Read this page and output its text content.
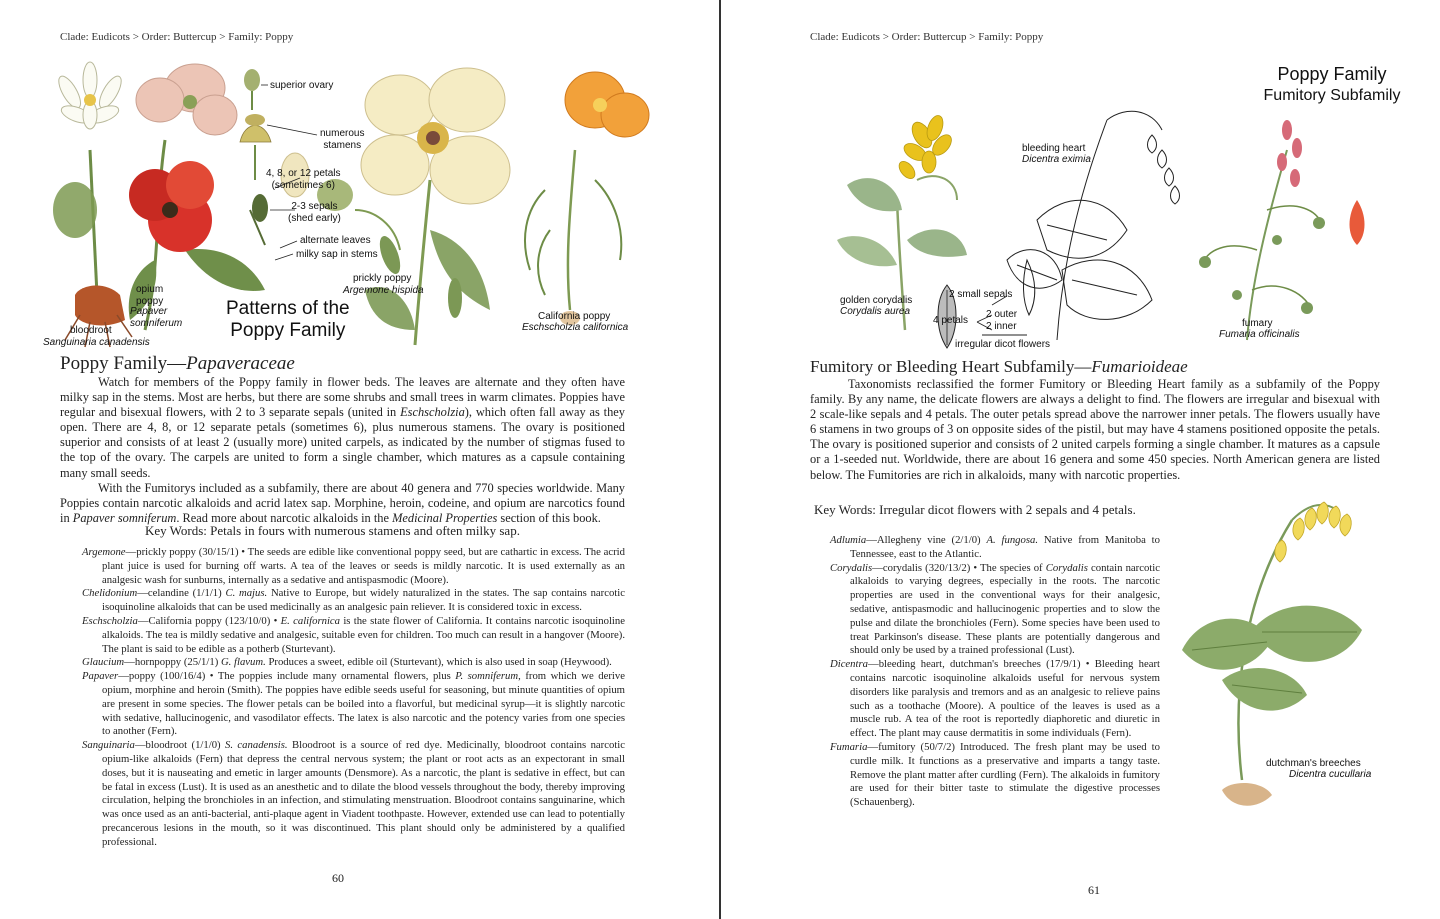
Clade: Eudicots > Order: Buttercup > Family: Poppy
superior ovary
numerous
stamens
4, 8, or 12 petals
(sometimes 6)
2-3 sepals
(shed early)
alternate leaves
milky sap in stems
opium
poppy
Papaver
somniferum
bloodroot
Sanguinaria canadensis
prickly poppy
Argemone hispida
California poppy
Eschscholzia californica
Patterns of the
Poppy Family
Poppy Family—Papaveraceae

Watch for members of the Poppy family in flower beds. The leaves are alternate and they often have milky sap in the stems. Most are herbs, but there are some shrubs and small trees in warm climates. Poppies have regular and bisexual flowers, with 2 to 3 separate sepals (united in Eschscholzia), which often fall away as they open. There are 4, 8, or 12 separate petals (sometimes 6), plus numerous stamens. The ovary is positioned superior and consists of at least 2 (usually more) united carpels, as indicated by the number of stigmas fused to the top of the ovary. The carpels are united to form a single chamber, which matures as a capsule containing many small seeds.

With the Fumitorys included as a subfamily, there are about 40 genera and 770 species worldwide. Many Poppies contain narcotic alkaloids and acrid latex sap. Morphine, heroin, codeine, and opium are narcotics found in Papaver somniferum. Read more about narcotic alkaloids in the Medicinal Properties section of this book.

Key Words: Petals in fours with numerous stamens and often milky sap.

Argemone—prickly poppy (30/15/1) • The seeds are edible like conventional poppy seed, but are cathartic in excess. The acrid plant juice is used for burning off warts. A tea of the leaves or seeds is mildly narcotic. It is used externally as an analgesic wash for sunburns, internally as a sedative and antispasmodic (Moore).

Chelidonium—celandine (1/1/1) C. majus. Native to Europe, but widely naturalized in the states. The sap contains narcotic isoquinoline alkaloids that can be used medicinally as an analgesic pain reliever. It is considered toxic in excess.

Eschscholzia—California poppy (123/10/0) • E. californica is the state flower of California. It contains narcotic isoquinoline alkaloids. The tea is mildly sedative and analgesic, suitable even for children. Too much can result in a hangover (Moore). The plant is said to be edible as a potherb (Sturtevant).

Glaucium—hornpoppy (25/1/1) G. flavum. Produces a sweet, edible oil (Sturtevant), which is also used in soap (Heywood).

Papaver—poppy (100/16/4) • The poppies include many ornamental flowers, plus P. somniferum, from which we derive opium, morphine and heroin (Smith). The poppies have edible seeds useful for seasoning, but minute quantities of opium are present in some species. The flower petals can be boiled into a flavorful, but medicinal syrup—it is slightly narcotic with sedative, hallucinogenic, and vasodilator effects. The latex is also narcotic and the potency varies from one species to another (Fern).

Sanguinaria—bloodroot (1/1/0) S. canadensis. Bloodroot is a source of red dye. Medicinally, bloodroot contains narcotic opium-like alkaloids (Fern) that depress the central nervous system; the plant or root acts as an expectorant in small doses, but it is nauseating and emetic in larger amounts (Densmore). As a narcotic, the plant is sedative in effect, but can be fatal in excess (Lust). It is used as an anesthetic and to dilate the blood vessels throughout the body, thereby improving circulation, helping the bronchioles in an infection, and stimulating menstruation. Bloodroot contains sanguinarine, which was once used as an anti-bacterial, anti-plaque agent in Viadent toothpaste. However, extended use can lead to potentially precancerous lesions in the mouth, so it was discontinued. This plant should only be administered by a qualified professional.

60
Clade: Eudicots > Order: Buttercup > Family: Poppy
Poppy Family
Fumitory Subfamily
bleeding heart
Dicentra eximia
golden corydalis
Corydalis aurea
2 small sepals
4 petals
2 outer
2 inner
irregular dicot flowers
fumary
Fumaria officinalis
Fumitory or Bleeding Heart Subfamily—Fumarioideae

Taxonomists reclassified the former Fumitory or Bleeding Heart family as a subfamily of the Poppy family. By any name, the delicate flowers are always a delight to find. The flowers are irregular and bisexual with 2 scale-like sepals and 4 petals. The outer petals spread above the narrower inner petals. The flowers usually have 6 stamens in two groups of 3 on opposite sides of the pistil, but may have 4 stamens positioned opposite the petals. The ovary is positioned superior and consists of 2 united carpels forming a single chamber. It matures as a capsule or a 1-seeded nut. Worldwide, there are about 16 genera and some 450 species. North American genera are listed below. The Fumitories are rich in alkaloids, many with narcotic properties.

Key Words: Irregular dicot flowers with 2 sepals and 4 petals.

Adlumia—Allegheny vine (2/1/0) A. fungosa. Native from Manitoba to Tennessee, east to the Atlantic.

Corydalis—corydalis (320/13/2) • The species of Corydalis contain narcotic alkaloids to varying degrees, especially in the roots. The narcotic properties are used in the conventional ways for their analgesic, sedative, antispasmodic and hallucinogenic properties and to slow the pulse and dilate the bronchioles (Fern). Some species have been used to treat Parkinson's disease. These plants are potentially dangerous and should only be used by a trained professional (Lust).

Dicentra—bleeding heart, dutchman's breeches (17/9/1) • Bleeding heart contains narcotic isoquinoline alkaloids useful for nervous system disorders like paralysis and tremors and as an analgesic to relieve pains such as a toothache (Moore). A poultice of the leaves is used as a muscle rub. A tea of the root is reportedly diaphoretic and diuretic in effect. The plant may cause dermatitis in some individuals (Fern).

Fumaria—fumitory (50/7/2) Introduced. The fresh plant may be used to curdle milk. It functions as a preservative and imparts a tangy taste. Remove the plant matter after curdling (Fern). The alkaloids in fumitory are used for their bitter taste to stimulate the digestive processes (Schauenberg).

dutchman's breeches
Dicentra cucullaria
61
